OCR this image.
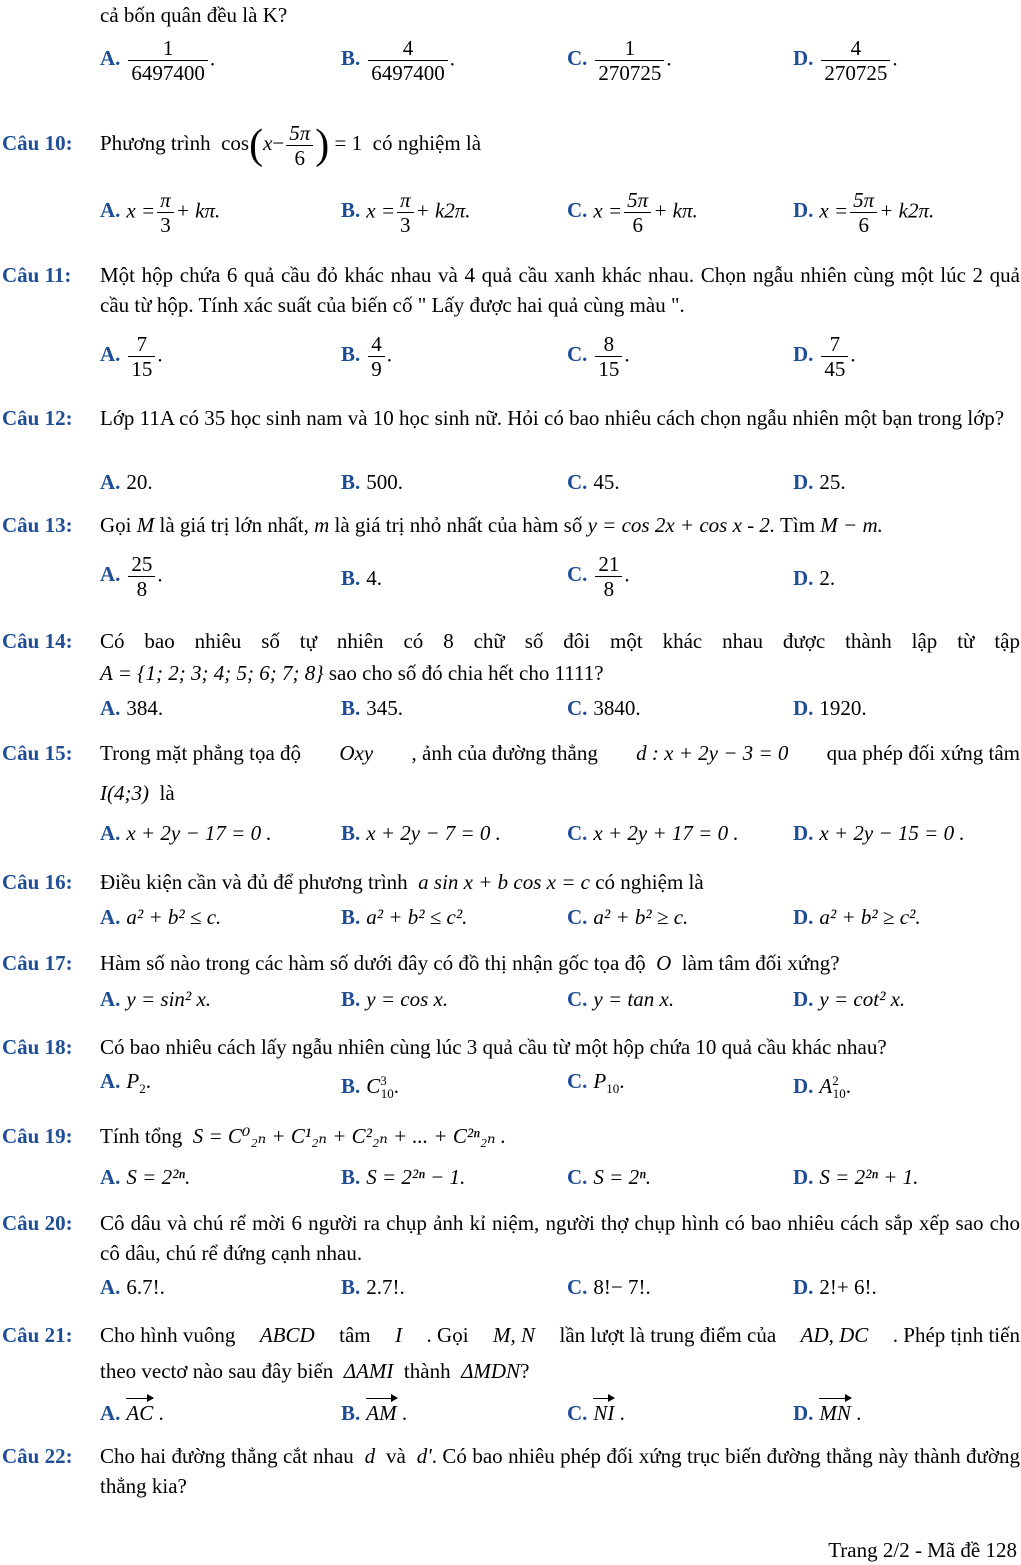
cả bốn quân đều là K?
A. $\frac{1}{6497400}$ .	B. $\frac{4}{6497400}$ .	C. $\frac{1}{270725}$ .	D. $\frac{4}{270725}$ .
Câu 10: Phương trình $\cos(x- \frac{5\pi}{6}$ ) = 1 có nghiệm là
A. $x = \frac{\pi}{3} + k\pi$.	B. $x = \frac{\pi}{3} + k2\pi$.	C. $x = \frac{5\pi}{6} + k\pi$.	D. $x = \frac{5\pi}{6} + k2\pi$.
Câu 11: Một hộp chứa 6 quả cầu đỏ khác nhau và 4 quả cầu xanh khác nhau. Chọn ngẫu nhiên cùng một lúc 2 quả cầu từ hộp. Tính xác suất của biến cố " Lấy được hai quả cùng màu ".
A. $\frac{7}{15}$ .	B. $\frac{4}{9}$ .	C. $\frac{8}{15}$ .	D. $\frac{7}{45}$ .
Câu 12: Lớp 11A có 35 học sinh nam và 10 học sinh nữ. Hỏi có bao nhiêu cách chọn ngẫu nhiên một bạn trong lớp?
A. 20.	B. 500.	C. 45.	D. 25.
Câu 13: Gọi M là giá trị lớn nhất, m là giá trị nhỏ nhất của hàm số y = cos 2x + cos x - 2. Tìm M − m.
A. $\frac{25}{8}$ .	B. 4.	C. $\frac{21}{8}$ .	D. 2.
Câu 14: Có bao nhiêu số tự nhiên có 8 chữ số đôi một khác nhau được thành lập từ tập
A = {1; 2; 3; 4; 5; 6; 7; 8} sao cho số đó chia hết cho 1111?
A. 384.	B. 345.	C. 3840.	D. 1920.
Câu 15: Trong mặt phẳng tọa độ Oxy , ảnh của đường thẳng d : x + 2y − 3 = 0 qua phép đối xứng tâm
I(4;3) là
A. x + 2y − 17 = 0 .	B. x + 2y − 7 = 0 .	C. x + 2y + 17 = 0 .	D. x + 2y − 15 = 0 .
Câu 16: Điều kiện cần và đủ để phương trình a sin x + b cos x = c có nghiệm là
A. a² + b² ≤ c.	B. a² + b² ≤ c².	C. a² + b² ≥ c.	D. a² + b² ≥ c².
Câu 17: Hàm số nào trong các hàm số dưới đây có đồ thị nhận gốc tọa độ O làm tâm đối xứng?
A. y = sin² x.	B. y = cos x.	C. y = tan x.	D. y = cot² x.
Câu 18: Có bao nhiêu cách lấy ngẫu nhiên cùng lúc 3 quả cầu từ một hộp chứa 10 quả cầu khác nhau?
A. $P_2$.	B. $C^3_{10}$.	C. $P_{10}$.	D. $A^2_{10}$.
Câu 19: Tính tổng S = C⁰₂ₙ + C¹₂ₙ + C²₂ₙ + ... + C²ⁿ₂ₙ .
A. S = 2²ⁿ.	B. S = 2²ⁿ − 1.	C. S = 2ⁿ.	D. S = 2²ⁿ + 1.
Câu 20: Cô dâu và chú rể mời 6 người ra chụp ảnh kỉ niệm, người thợ chụp hình có bao nhiêu cách sắp xếp sao cho cô dâu, chú rể đứng cạnh nhau.
A. 6.7!.	B. 2.7!.	C. 8!− 7!.	D. 2!+ 6!.
Câu 21: Cho hình vuông ABCD tâm I . Gọi M, N lần lượt là trung điểm của AD, DC . Phép tịnh tiến
theo vectơ nào sau đây biến ΔAMI thành ΔMDN?
A. AC .	B. AM .	C. NI .	D. MN .
Câu 22: Cho hai đường thẳng cắt nhau d và d'. Có bao nhiêu phép đối xứng trục biến đường thẳng này thành đường thẳng kia?
Trang 2/2 - Mã đề 128
